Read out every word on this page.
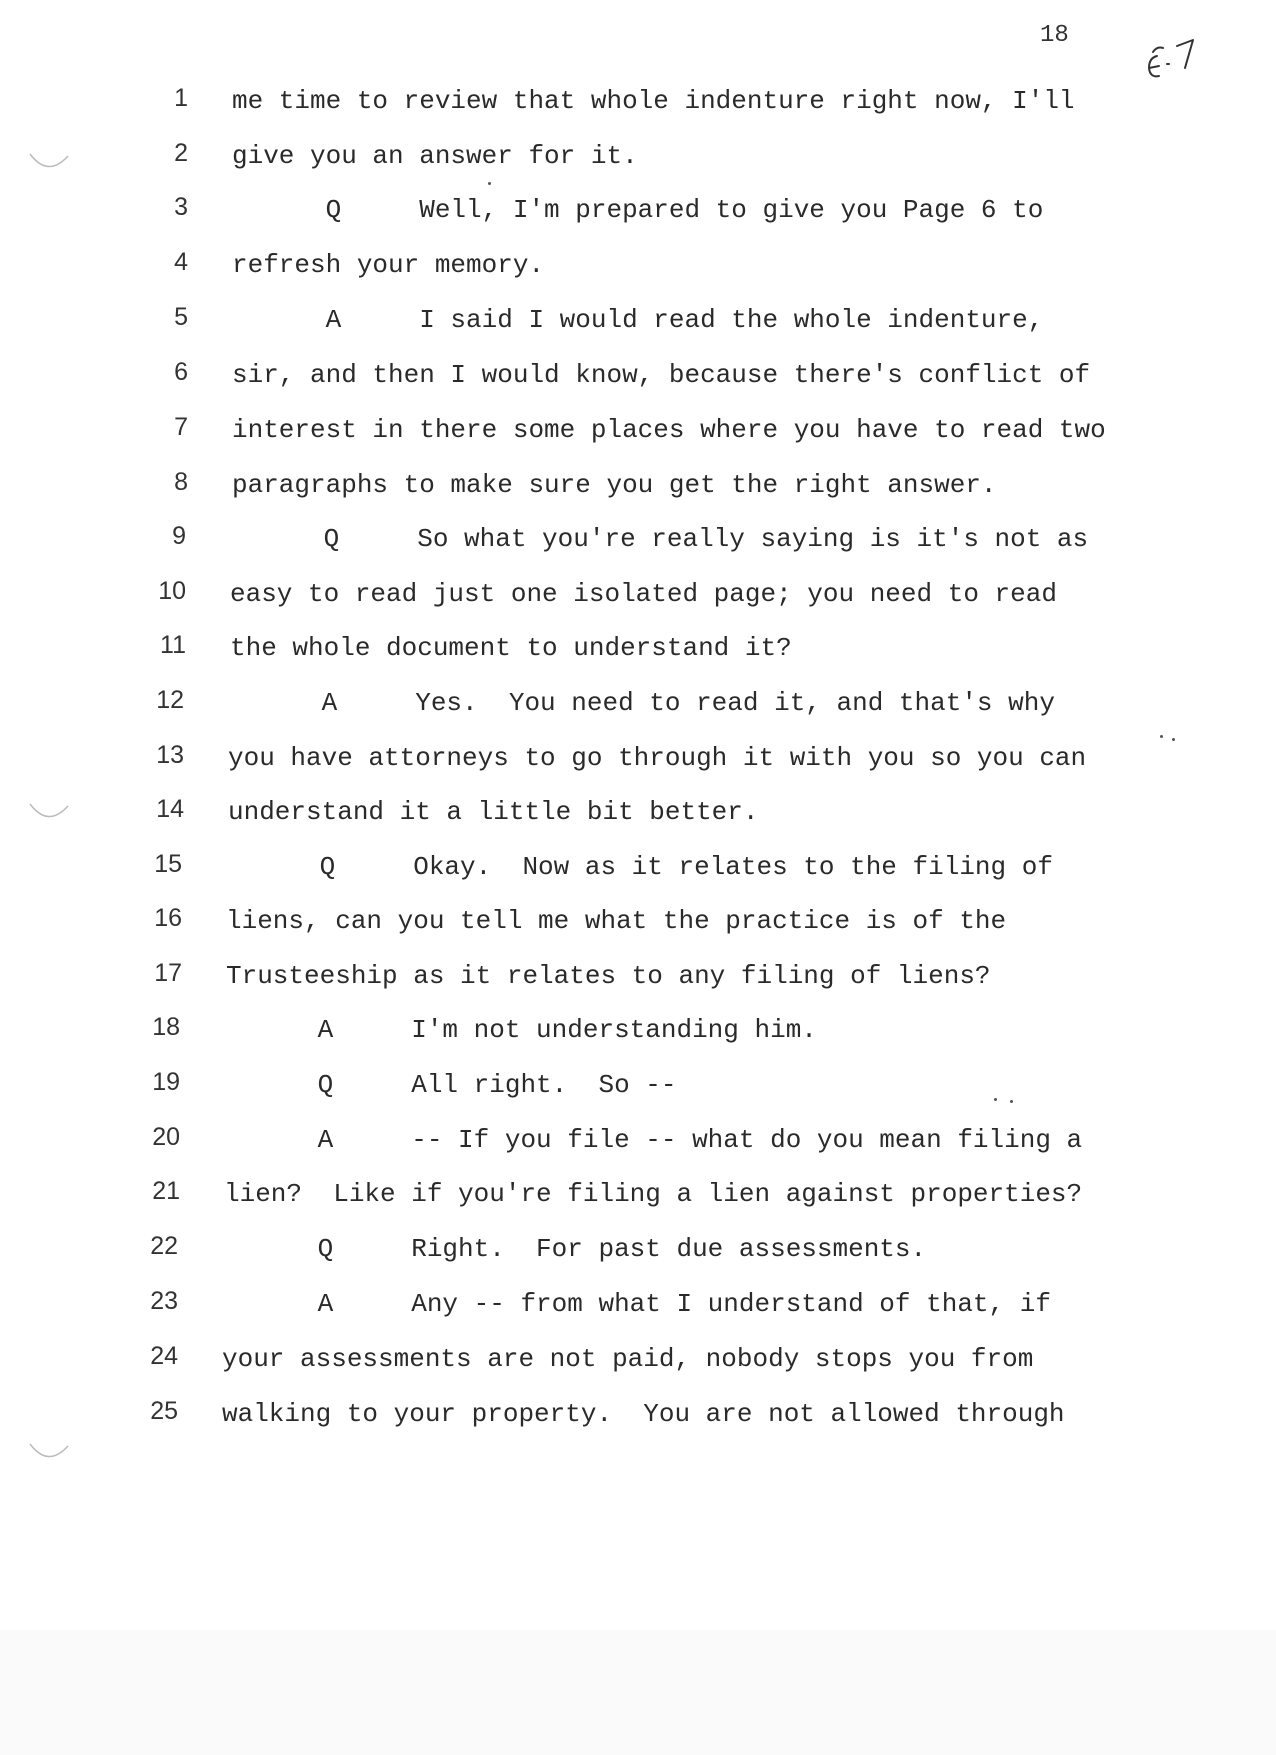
18
1 me time to review that whole indenture right now, I'll
2 give you an answer for it.
3 Q     Well, I'm prepared to give you Page 6 to
4 refresh your memory.
5 A     I said I would read the whole indenture,
6 sir, and then I would know, because there's conflict of
7 interest in there some places where you have to read two
8 paragraphs to make sure you get the right answer.
9 Q     So what you're really saying is it's not as
10 easy to read just one isolated page; you need to read
11 the whole document to understand it?
12 A     Yes.  You need to read it, and that's why
13 you have attorneys to go through it with you so you can
14 understand it a little bit better.
15 Q     Okay.  Now as it relates to the filing of
16 liens, can you tell me what the practice is of the
17 Trusteeship as it relates to any filing of liens?
18 A     I'm not understanding him.
19 Q     All right.  So --
20 A     -- If you file -- what do you mean filing a
21 lien?  Like if you're filing a lien against properties?
22 Q     Right.  For past due assessments.
23 A     Any -- from what I understand of that, if
24 your assessments are not paid, nobody stops you from
25 walking to your property.  You are not allowed through
